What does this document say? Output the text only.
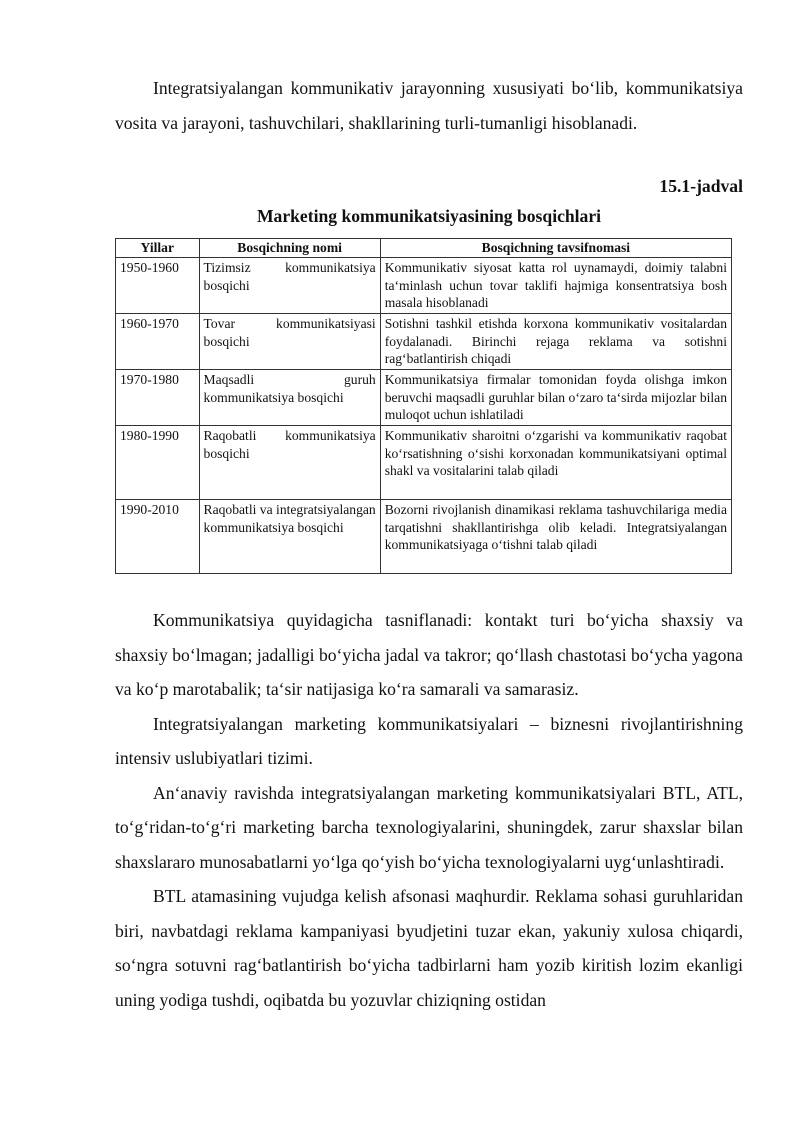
Integratsiyalangan kommunikativ jarayonning xususiyati bo‘lib, kommunikatsiya vosita va jarayoni, tashuvchilari, shakllarining turli-tumanligi hisoblanadi.

15.1-jadval
Marketing kommunikatsiyasining bosqichlari
Yillar	Bosqichning nomi	Bosqichning tavsifnomasi
1950-1960	Tizimsiz kommunikatsiya bosqichi	Kommunikativ siyosat katta rol uynamaydi, doimiy talabni ta‘minlash uchun tovar taklifi hajmiga konsentratsiya bosh masala hisoblanadi
1960-1970	Tovar kommunikatsiyasi bosqichi	Sotishni tashkil etishda korxona kommunikativ vositalardan foydalanadi. Birinchi rejaga reklama va sotishni rag‘batlantirish chiqadi
1970-1980	Maqsadli guruh kommunikatsiya bosqichi	Kommunikatsiya firmalar tomonidan foyda olishga imkon beruvchi maqsadli guruhlar bilan o‘zaro ta‘sirda mijozlar bilan muloqot uchun ishlatiladi
1980-1990	Raqobatli kommunikatsiya bosqichi	Kommunikativ sharoitni o‘zgarishi va kommunikativ raqobat ko‘rsatishning o‘sishi korxonadan kommunikatsiyani optimal shakl va vositalarini talab qiladi
1990-2010	Raqobatli va integratsiyalangan kommunikatsiya bosqichi	Bozorni rivojlanish dinamikasi reklama tashuvchilariga media tarqatishni shakllantirishga olib keladi. Integratsiyalangan kommunikatsiyaga o‘tishni talab qiladi

Kommunikatsiya quyidagicha tasniflanadi: kontakt turi bo‘yicha shaxsiy va shaxsiy bo‘lmagan; jadalligi bo‘yicha jadal va takror; qo‘llash chastotasi bo‘ycha yagona va ko‘p marotabalik; ta‘sir natijasiga ko‘ra samarali va samarasiz.

Integratsiyalangan marketing kommunikatsiyalari – biznesni rivojlantirishning intensiv uslubiyatlari tizimi.

An‘anaviy ravishda integratsiyalangan marketing kommunikatsiyalari BTL, ATL, to‘g‘ridan-to‘g‘ri marketing barcha texnologiyalarini, shuningdek, zarur shaxslar bilan shaxslararo munosabatlarni yo‘lga qo‘yish bo‘yicha texnologiyalarni uyg‘unlashtiradi.

BTL atamasining vujudga kelish afsonasi маqhurdir. Reklama sohasi guruhlaridan biri, navbatdagi reklama kampaniyasi byudjetini tuzar ekan, yakuniy xulosa chiqardi, so‘ngra sotuvni rag‘batlantirish bo‘yicha tadbirlarni ham yozib kiritish lozim ekanligi uning yodiga tushdi, oqibatda bu yozuvlar chiziqning ostidan
